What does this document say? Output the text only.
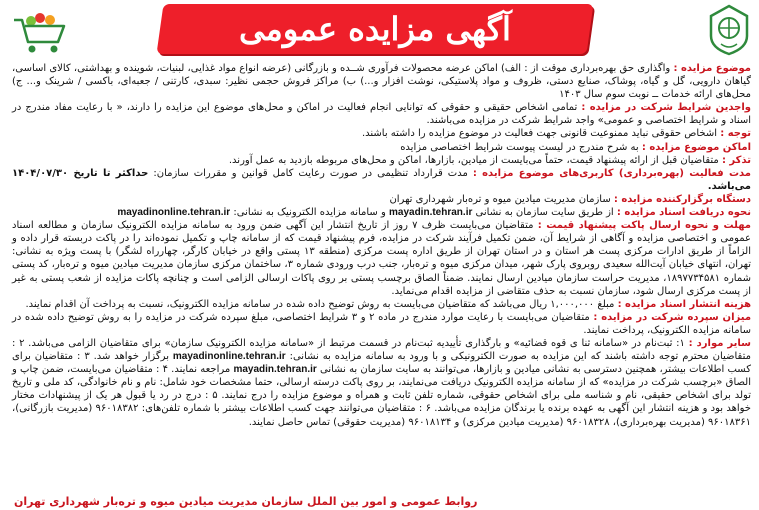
آگهی مزایده عمومی

موضوع مزایده : واگذاری حق بهره‌برداری موقت از : الف) اماکن عرضه محصولات فرآوری شــده و بازرگانی (عرضه انواع مواد غذایی، لبنیات، شوینده و بهداشتی، کالای اساسی، گیاهان دارویی، گل و گیاه، پوشاک، صنایع دستی، ظروف و مواد پلاستیکی، نوشت افزار و...) ب) مراکز فروش حجمی نظیر: سبدی، کارتنی / جعبه‌ای، باکسی / شرینک و... ج) محل‌های ارائه خدمات ــ نوبت سوم سال ۱۴۰۳

واجدین شرایط شرکت در مزایده : تمامی اشخاص حقیقی و حقوقی که توانایی انجام فعالیت در اماکن و محل‌های موضوع این مزایده را دارند، « با رعایت مفاد مندرج در اسناد و شرایط اختصاصی و عمومی» واجد شرایط شرکت در مزایده می‌باشند.

توجه : اشخاص حقوقی نباید ممنوعیت قانونی جهت فعالیت در موضوع مزایده را داشته باشند.

اماکن موضوع مزایده : به شرح مندرج در لیست پیوست شرایط اختصاصی مزایده

تذکر : متقاضیان قبل از ارائه پیشنهاد قیمت، حتماً می‌بایست از میادین، بازارها، اماکن و محل‌های مربوطه بازدید به عمل آورند.

مدت فعالیت (بهره‌برداری) کاربری‌های موضوع مزایده : مدت قرارداد تنظیمی در صورت رعایت کامل قوانین و مقررات سازمان: حداکثر تا تاریخ ۱۴۰۴/۰۷/۳۰ می‌باشد.

دستگاه برگزارکننده مزایده : سازمان مدیریت میادین میوه و تره‌بار شهرداری تهران

نحوه دریافت اسناد مزایده : از طریق سایت سازمان به نشانی mayadin.tehran.ir و سامانه مزایده الکترونیک به نشانی: mayadinonline.tehran.ir

مهلت و نحوه ارسال پاکت پیشنهاد قیمت : متقاضیان می‌بایست ظرف ۷ روز از تاریخ انتشار این آگهی ضمن ورود به سامانه مزایده الکترونیک سازمان و مطالعه اسناد عمومی و اختصاصی مزایده و آگاهی از شرایط آن، ضمن تکمیل فرآیند شرکت در مزایده، فرم پیشنهاد قیمت که از سامانه چاپ و تکمیل نموده‌اند را در پاکت دربسته قرار داده و الزاماً از طریق ادارات مرکزی پست هر استان و در استان تهران از طریق اداره پست مرکزی (منطقه ۱۳ پستی واقع در خیابان کارگر، چهارراه لشگر) با پست ویژه به نشانی: تهران، انتهای خیابان آیت‌الله سعیدی روبروی پارک شهر، میدان مرکزی میوه و تره‌بار، جنب درب ورودی شماره ۳، ساختمان مرکزی سازمان مدیریت میادین میوه و تره‌بار، کد پستی شماره ۱۸۹۷۷۳۴۵۸۱، مدیریت حراست سازمان میادین ارسال نمایند. ضمناً الصاق برچسب پستی بر روی پاکات ارسالی الزامی است و چنانچه پاکات مزایده از شعب پستی به غیر از پست مرکزی ارسال شود، سازمان نسبت به حذف متقاضی از مزایده اقدام می‌نماید.

هزینه انتشار اسناد مزایده : مبلغ ۱,۰۰۰,۰۰۰ ریال می‌باشد که متقاضیان می‌بایست به روش توضیح داده شده در سامانه مزایده الکترونیک، نسبت به پرداخت آن اقدام نمایند.

میزان سپرده شرکت در مزایده : متقاضیان می‌بایست با رعایت موارد مندرج در ماده ۲ و ۳ شرایط اختصاصی، مبلغ سپرده شرکت در مزایده را به روش توضیح داده شده در سامانه مزایده الکترونیک، پرداخت نمایند.

سایر موارد : ۱: ثبت‌نام در «سامانه ثنا ی قوه قضائیه» و بارگذاری تأییدیه ثبت‌نام در قسمت مرتبط از «سامانه مزایده الکترونیک سازمان» برای متقاضیان الزامی می‌باشد. ۲ : متقاضیان محترم توجه داشته باشند که این مزایده به صورت الکترونیکی و با ورود به سامانه مزایده به نشانی: mayadinonline.tehran.ir برگزار خواهد شد. ۳ : متقاضیان برای کسب اطلاعات بیشتر، همچنین دسترسی به نشانی میادین و بازارها، می‌توانند به سایت سازمان به نشانی mayadin.tehran.ir مراجعه نمایند. ۴ : متقاضیان می‌بایست، ضمن چاپ و الصاق «برچسب شرکت در مزایده» که از سامانه مزایده الکترونیک دریافت می‌نمایند، بر روی پاکت درسته ارسالی، حتما مشخصات خود شامل: نام و نام خانوادگی، کد ملی و تاریخ تولد برای اشخاص حقیقی، نام و شناسه ملی برای اشخاص حقوقی، شماره تلفن ثابت و همراه و موضوع مزایده را درج نمایند. ۵ : درج در رد یا قبول هر یک از پیشنهادات مختار خواهد بود و هزینه انتشار این آگهی به عهده برنده یا برندگان مزایده می‌باشد. ۶ : متقاضیان می‌توانند جهت کسب اطلاعات بیشتر با شماره تلفن‌های: ۹۶۰۱۸۳۸۲ (مدیریت بازرگانی)، ۹۶۰۱۸۳۶۱ (مدیریت بهره‌برداری)، ۹۶۰۱۸۳۲۸ (مدیریت میادین مرکزی) و ۹۶۰۱۸۱۳۴ (مدیریت حقوقی) تماس حاصل نمایند.

روابط عمومی و امور بین الملل سازمان مدیریت میادین میوه و تره‌بار شهرداری تهران
